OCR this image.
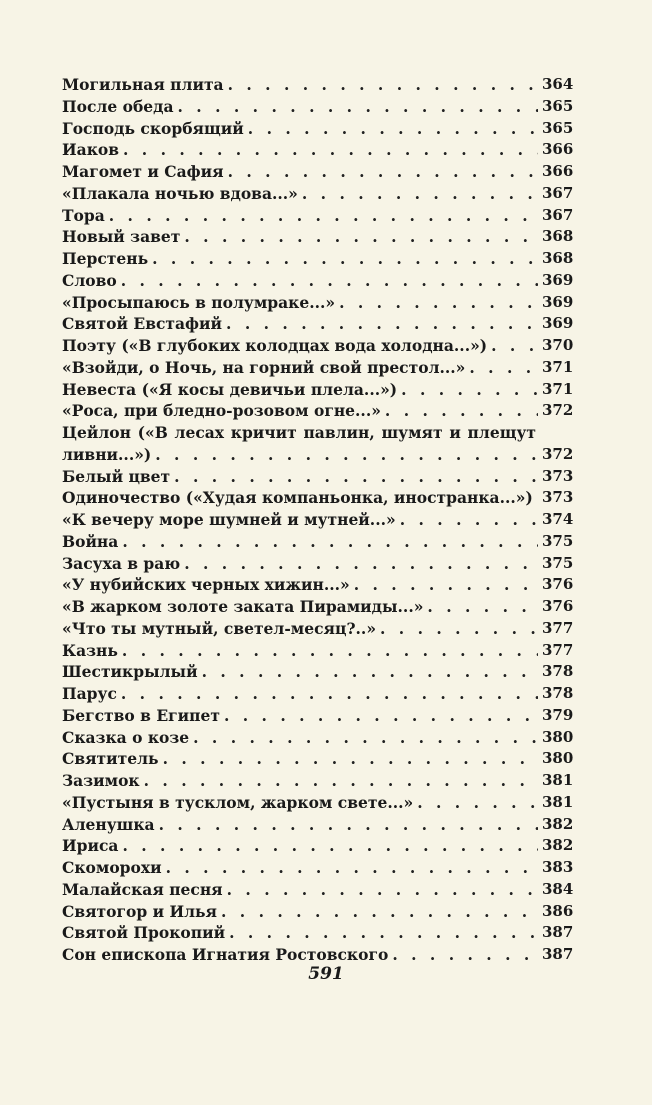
Могильная плита . . .	364
После обеда . . .	365
Господь скорбящий . . .	365
Иаков . . .	366
Магомет и Сафия . . .	366
«Плакала ночью вдова...» . . .	367
Тора . . .	367
Новый завет . . .	368
Перстень . . .	368
Слово . . .	369
«Просыпаюсь в полумраке...» . . .	369
Святой Евстафий . . .	369
Поэту («В глубоких колодцах вода холодна...») . . .	370
«Взойди, о Ночь, на горний свой престол...» . . .	371
Невеста («Я косы девичьи плела...») . . .	371
«Роса, при бледно-розовом огне...» . . .	372
Цейлон («В лесах кричит павлин, шумят и плещут
ливни...») . . .	372
Белый цвет . . .	373
Одиночество («Худая компаньонка, иностранка...») . . . 373
«К вечеру море шумней и мутней...» . . .	374
Война . . .	375
Засуха в раю . . .	375
«У нубийских черных хижин...» . . .	376
«В жарком золоте заката Пирамиды...» . . .	376
«Что ты мутный, светел-месяц?..» . . .	377
Казнь . . .	377
Шестикрылый . . .	378
Парус . . .	378
Бегство в Египет . . .	379
Сказка о козе . . .	380
Святитель . . .	380
Зазимок . . .	381
«Пустыня в тусклом, жарком свете...» . . .	381
Аленушка . . .	382
Ириса . . .	382
Скоморохи . . .	383
Малайская песня . . .	384
Святогор и Илья . . .	386
Святой Прокопий . . .	387
Сон епископа Игнатия Ростовского . . .	387
591
